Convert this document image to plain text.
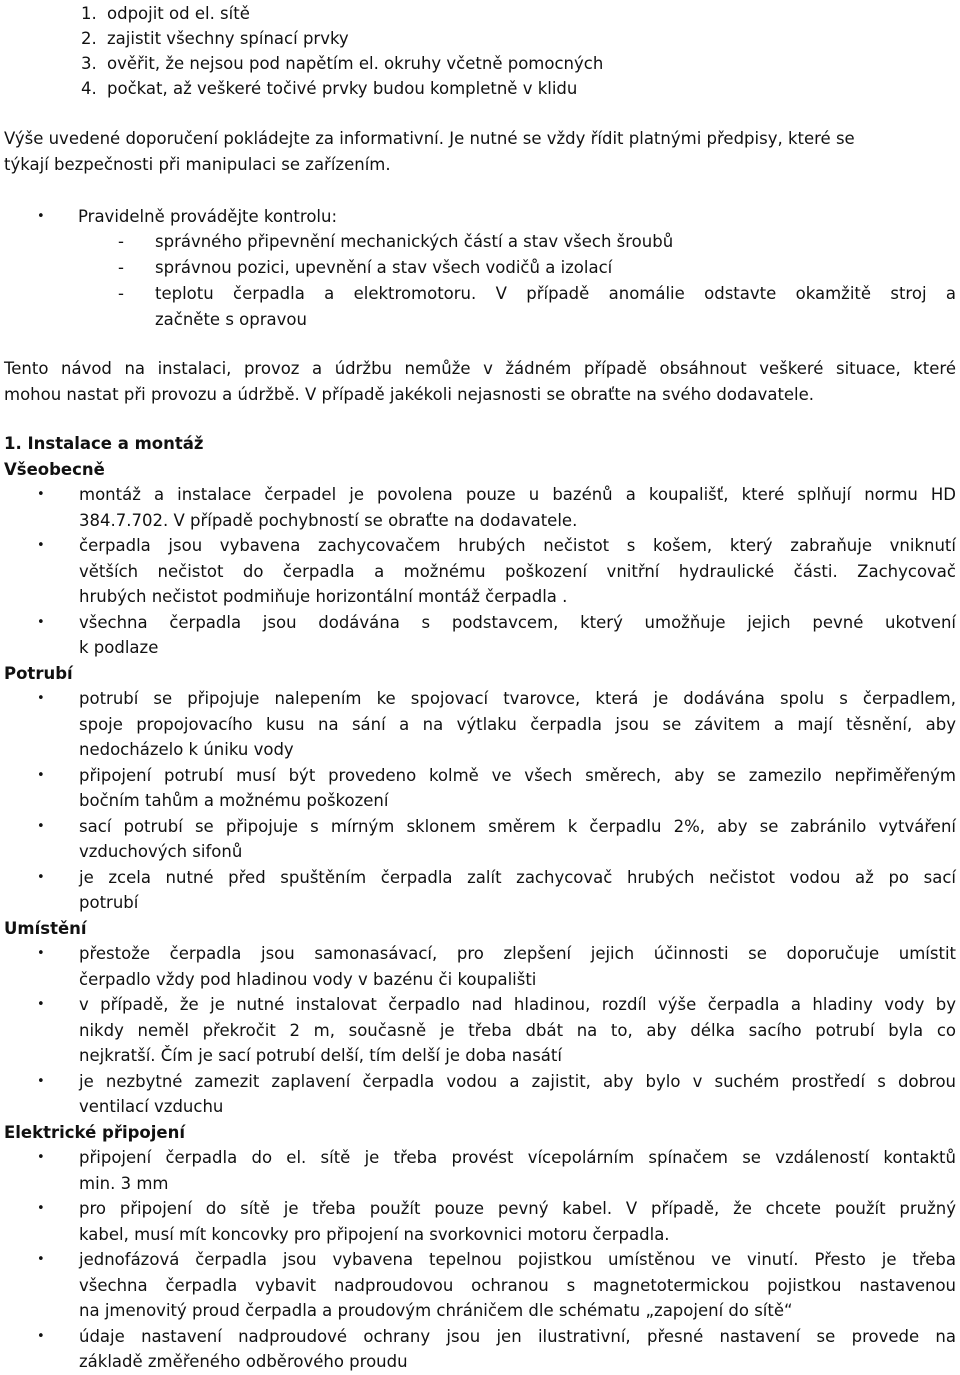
1. odpojit od el. sítě
2. zajistit všechny spínací prvky
3. ověřit, že nejsou pod napětím el. okruhy včetně pomocných
4. počkat, až veškeré točivé prvky budou kompletně v klidu
Výše uvedené doporučení pokládejte za informativní. Je nutné se vždy řídit platnými předpisy, které se
týkají bezpečnosti při manipulaci se zařízením.
• Pravidelně provádějte kontrolu:
- správného připevnění mechanických částí a stav všech šroubů
- správnou pozici, upevnění a stav všech vodičů a izolací
-	teplotu čerpadla a elektromotoru. V případě anomálie odstavte okamžitě stroj a
začněte s opravou
Tento návod na instalaci, provoz a údržbu nemůže v žádném případě obsáhnout veškeré situace, které
mohou nastat při provozu a údržbě. V případě jakékoli nejasnosti se obraťte na svého dodavatele.
1. Instalace a montáž
Všeobecně
• montáž a instalace čerpadel je povolena pouze u bazénů a koupališť, které splňují normu HD
384.7.702. V případě pochybností se obraťte na dodavatele.
• čerpadla jsou vybavena zachycovačem hrubých nečistot s košem, který zabraňuje vniknutí
větších nečistot do čerpadla a možnému poškození vnitřní hydraulické části. Zachycovač
hrubých nečistot podmiňuje horizontální montáž čerpadla .
• všechna čerpadla jsou dodávána s podstavcem, který umožňuje jejich pevné ukotvení
k podlaze
Potrubí
• potrubí se připojuje nalepením ke spojovací tvarovce, která je dodávána spolu s čerpadlem,
spoje propojovacího kusu na sání a na výtlaku čerpadla jsou se závitem a mají těsnění, aby
nedocházelo k úniku vody
• připojení potrubí musí být provedeno kolmě ve všech směrech, aby se zamezilo nepřiměřeným
bočním tahům a možnému poškození
• sací potrubí se připojuje s mírným sklonem směrem k čerpadlu 2%, aby se zabránilo vytváření
vzduchových sifonů
• je zcela nutné před spuštěním čerpadla zalít zachycovač hrubých nečistot vodou až po sací
potrubí
Umístění
• přestože čerpadla jsou samonasávací, pro zlepšení jejich účinnosti se doporučuje umístit
čerpadlo vždy pod hladinou vody v bazénu či koupališti
• v případě, že je nutné instalovat čerpadlo nad hladinou, rozdíl výše čerpadla a hladiny vody by
nikdy neměl překročit 2 m, současně je třeba dbát na to, aby délka sacího potrubí byla co
nejkratší. Čím je sací potrubí delší, tím delší je doba nasátí
• je nezbytné zamezit zaplavení čerpadla vodou a zajistit, aby bylo v suchém prostředí s dobrou
ventilací vzduchu
Elektrické připojení
• připojení čerpadla do el. sítě je třeba provést vícepolárním spínačem se vzdáleností kontaktů
min. 3 mm
• pro připojení do sítě je třeba použít pouze pevný kabel. V případě, že chcete použít pružný
kabel, musí mít koncovky pro připojení na svorkovnici motoru čerpadla.
• jednofázová čerpadla jsou vybavena tepelnou pojistkou umístěnou ve vinutí. Přesto je třeba
všechna čerpadla vybavit nadproudovou ochranou s magnetotermickou pojistkou nastavenou
na jmenovitý proud čerpadla a proudovým chráničem dle schématu „zapojení do sítě“
• údaje nastavení nadproudové ochrany jsou jen ilustrativní, přesné nastavení se provede na
základě změřeného odběrového proudu
